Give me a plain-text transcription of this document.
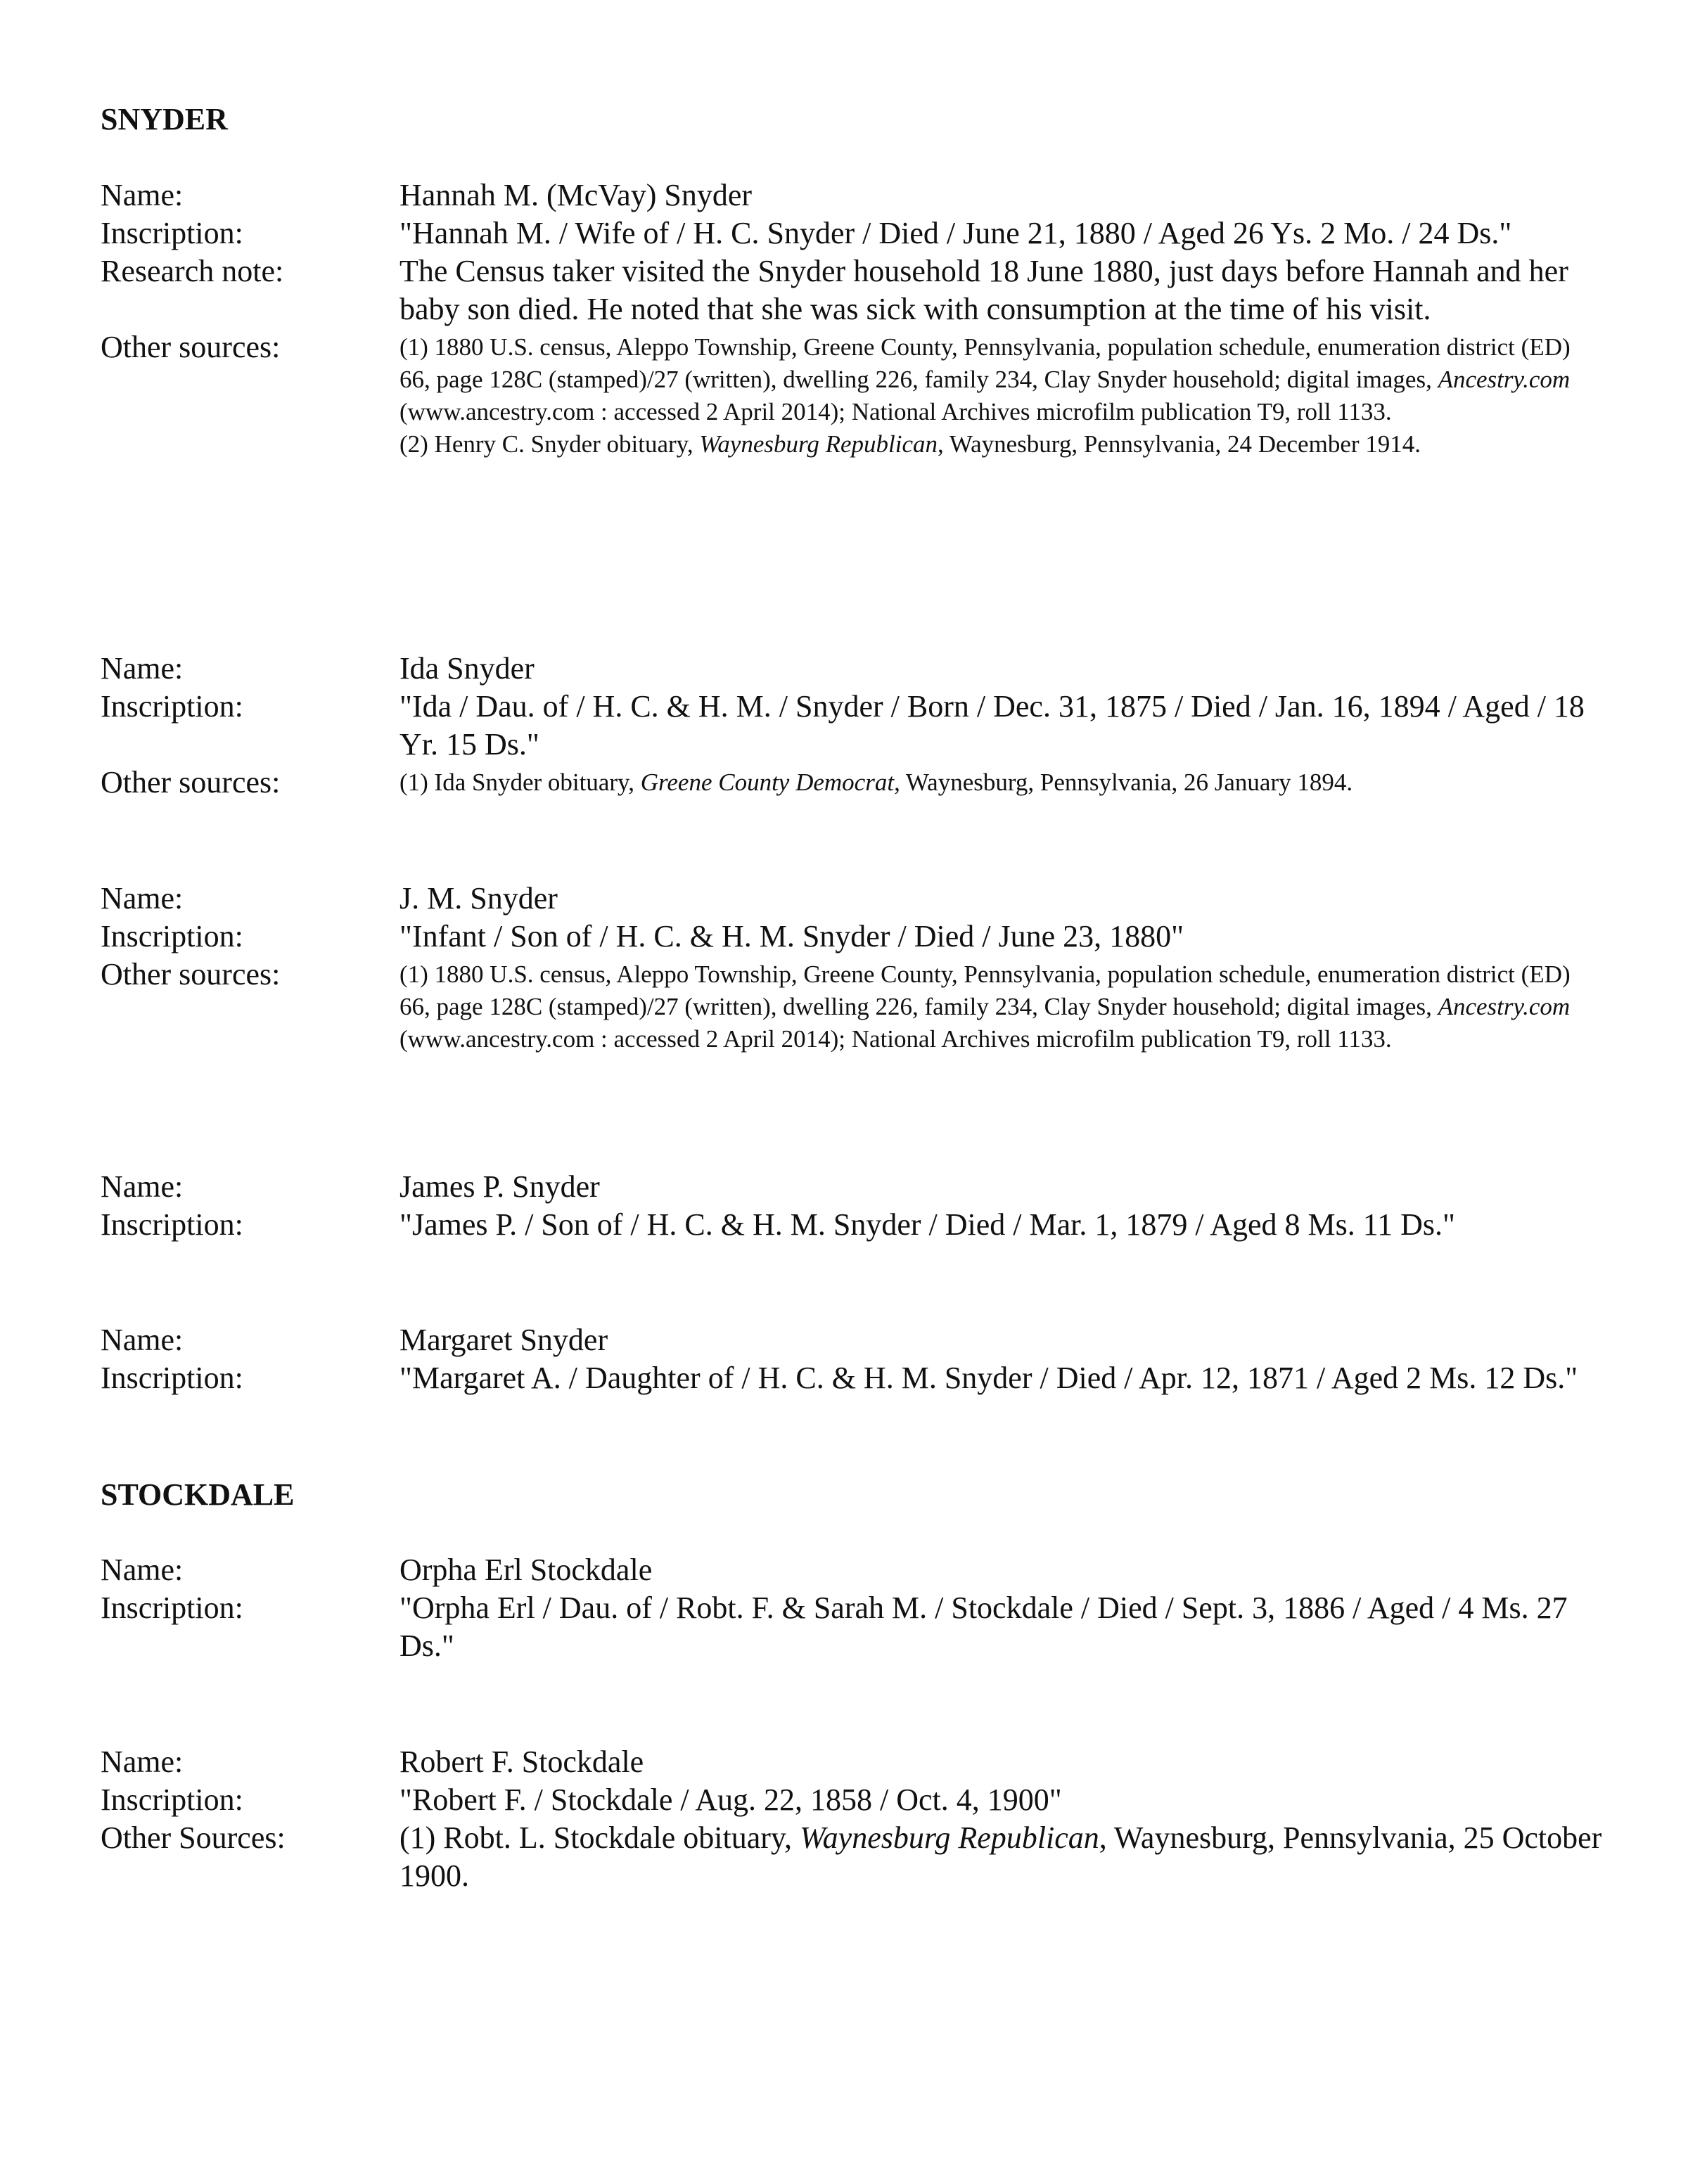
SNYDER
Name:	Hannah M. (McVay) Snyder
Inscription:	"Hannah M. / Wife of / H. C. Snyder / Died / June 21, 1880 / Aged 26 Ys. 2 Mo. / 24 Ds."
Research note:	The Census taker visited the Snyder household 18 June 1880, just days before Hannah and her baby son died. He noted that she was sick with consumption at the time of his visit.
Other sources:	(1) 1880 U.S. census, Aleppo Township, Greene County, Pennsylvania, population schedule, enumeration district (ED) 66, page 128C (stamped)/27 (written), dwelling 226, family 234, Clay Snyder household; digital images, Ancestry.com (www.ancestry.com : accessed 2 April 2014); National Archives microfilm publication T9, roll 1133.
(2) Henry C. Snyder obituary, Waynesburg Republican, Waynesburg, Pennsylvania, 24 December 1914.
Name:	Ida Snyder
Inscription:	"Ida / Dau. of / H. C. & H. M. / Snyder / Born / Dec. 31, 1875 / Died / Jan. 16, 1894 / Aged / 18 Yr. 15 Ds."
Other sources:	(1) Ida Snyder obituary, Greene County Democrat, Waynesburg, Pennsylvania, 26 January 1894.
Name:	J. M. Snyder
Inscription:	"Infant / Son of / H. C. & H. M. Snyder / Died / June 23, 1880"
Other sources:	(1) 1880 U.S. census, Aleppo Township, Greene County, Pennsylvania, population schedule, enumeration district (ED) 66, page 128C (stamped)/27 (written), dwelling 226, family 234, Clay Snyder household; digital images, Ancestry.com (www.ancestry.com : accessed 2 April 2014); National Archives microfilm publication T9, roll 1133.
Name:	James P. Snyder
Inscription:	"James P. / Son of / H. C. & H. M. Snyder / Died / Mar. 1, 1879 / Aged 8 Ms. 11 Ds."
Name:	Margaret Snyder
Inscription:	"Margaret A. / Daughter of / H. C. & H. M. Snyder / Died / Apr. 12, 1871 / Aged 2 Ms. 12 Ds."
STOCKDALE
Name:	Orpha Erl Stockdale
Inscription:	"Orpha Erl / Dau. of / Robt. F. & Sarah M. / Stockdale / Died / Sept. 3, 1886 / Aged / 4 Ms. 27 Ds."
Name:	Robert F. Stockdale
Inscription:	"Robert F. / Stockdale / Aug. 22, 1858 / Oct. 4, 1900"
Other Sources:	(1) Robt. L. Stockdale obituary, Waynesburg Republican, Waynesburg, Pennsylvania, 25 October 1900.
